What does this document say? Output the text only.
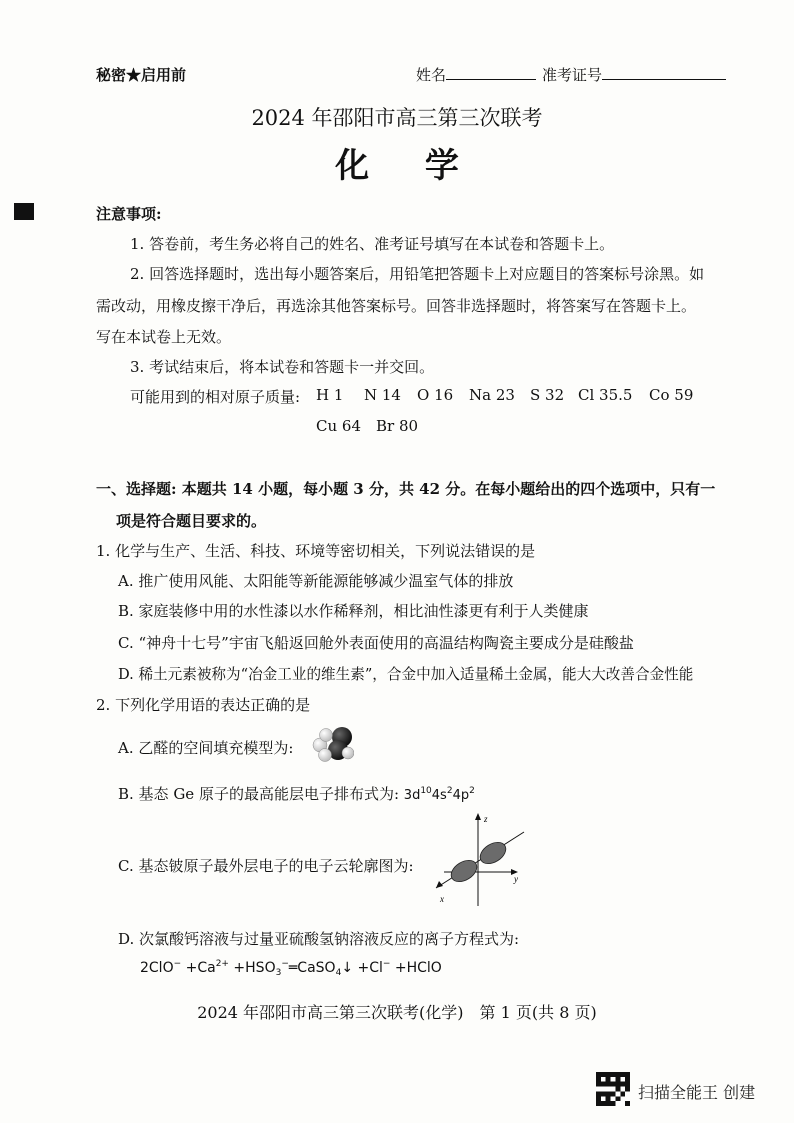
秘密★启用前	姓名	准考证号
2024 年邵阳市高三第三次联考
化 学
注意事项:
1. 答卷前，考生务必将自己的姓名、准考证号填写在本试卷和答题卡上。
2. 回答选择题时，选出每小题答案后，用铅笔把答题卡上对应题目的答案标号涂黑。如
需改动，用橡皮擦干净后，再选涂其他答案标号。回答非选择题时，将答案写在答题卡上。
写在本试卷上无效。
3. 考试结束后，将本试卷和答题卡一并交回。
可能用到的相对原子质量: H 1 N 14 O 16 Na 23 S 32 Cl 35.5 Co 59
Cu 64 Br 80
一、选择题: 本题共 14 小题，每小题 3 分，共 42 分。在每小题给出的四个选项中，只有一
项是符合题目要求的。
1. 化学与生产、生活、科技、环境等密切相关，下列说法错误的是
A. 推广使用风能、太阳能等新能源能够减少温室气体的排放
B. 家庭装修中用的水性漆以水作稀释剂，相比油性漆更有利于人类健康
C. “神舟十七号”宇宙飞船返回舱外表面使用的高温结构陶瓷主要成分是硅酸盐
D. 稀土元素被称为“冶金工业的维生素”，合金中加入适量稀土金属，能大大改善合金性能
2. 下列化学用语的表达正确的是
A. 乙醛的空间填充模型为:
B. 基态 Ge 原子的最高能层电子排布式为: $3d^{10}4s^24p^2$
C. 基态铍原子最外层电子的电子云轮廓图为:
z
y
x
D. 次氯酸钙溶液与过量亚硫酸氢钠溶液反应的离子方程式为:
$2ClO^- +Ca^{2+}$ $+HSO_3^-═CaSO_4↓ +Cl^-$ +HClO
2024 年邵阳市高三第三次联考(化学)　第 1 页(共 8 页)
扫描全能王 创建
